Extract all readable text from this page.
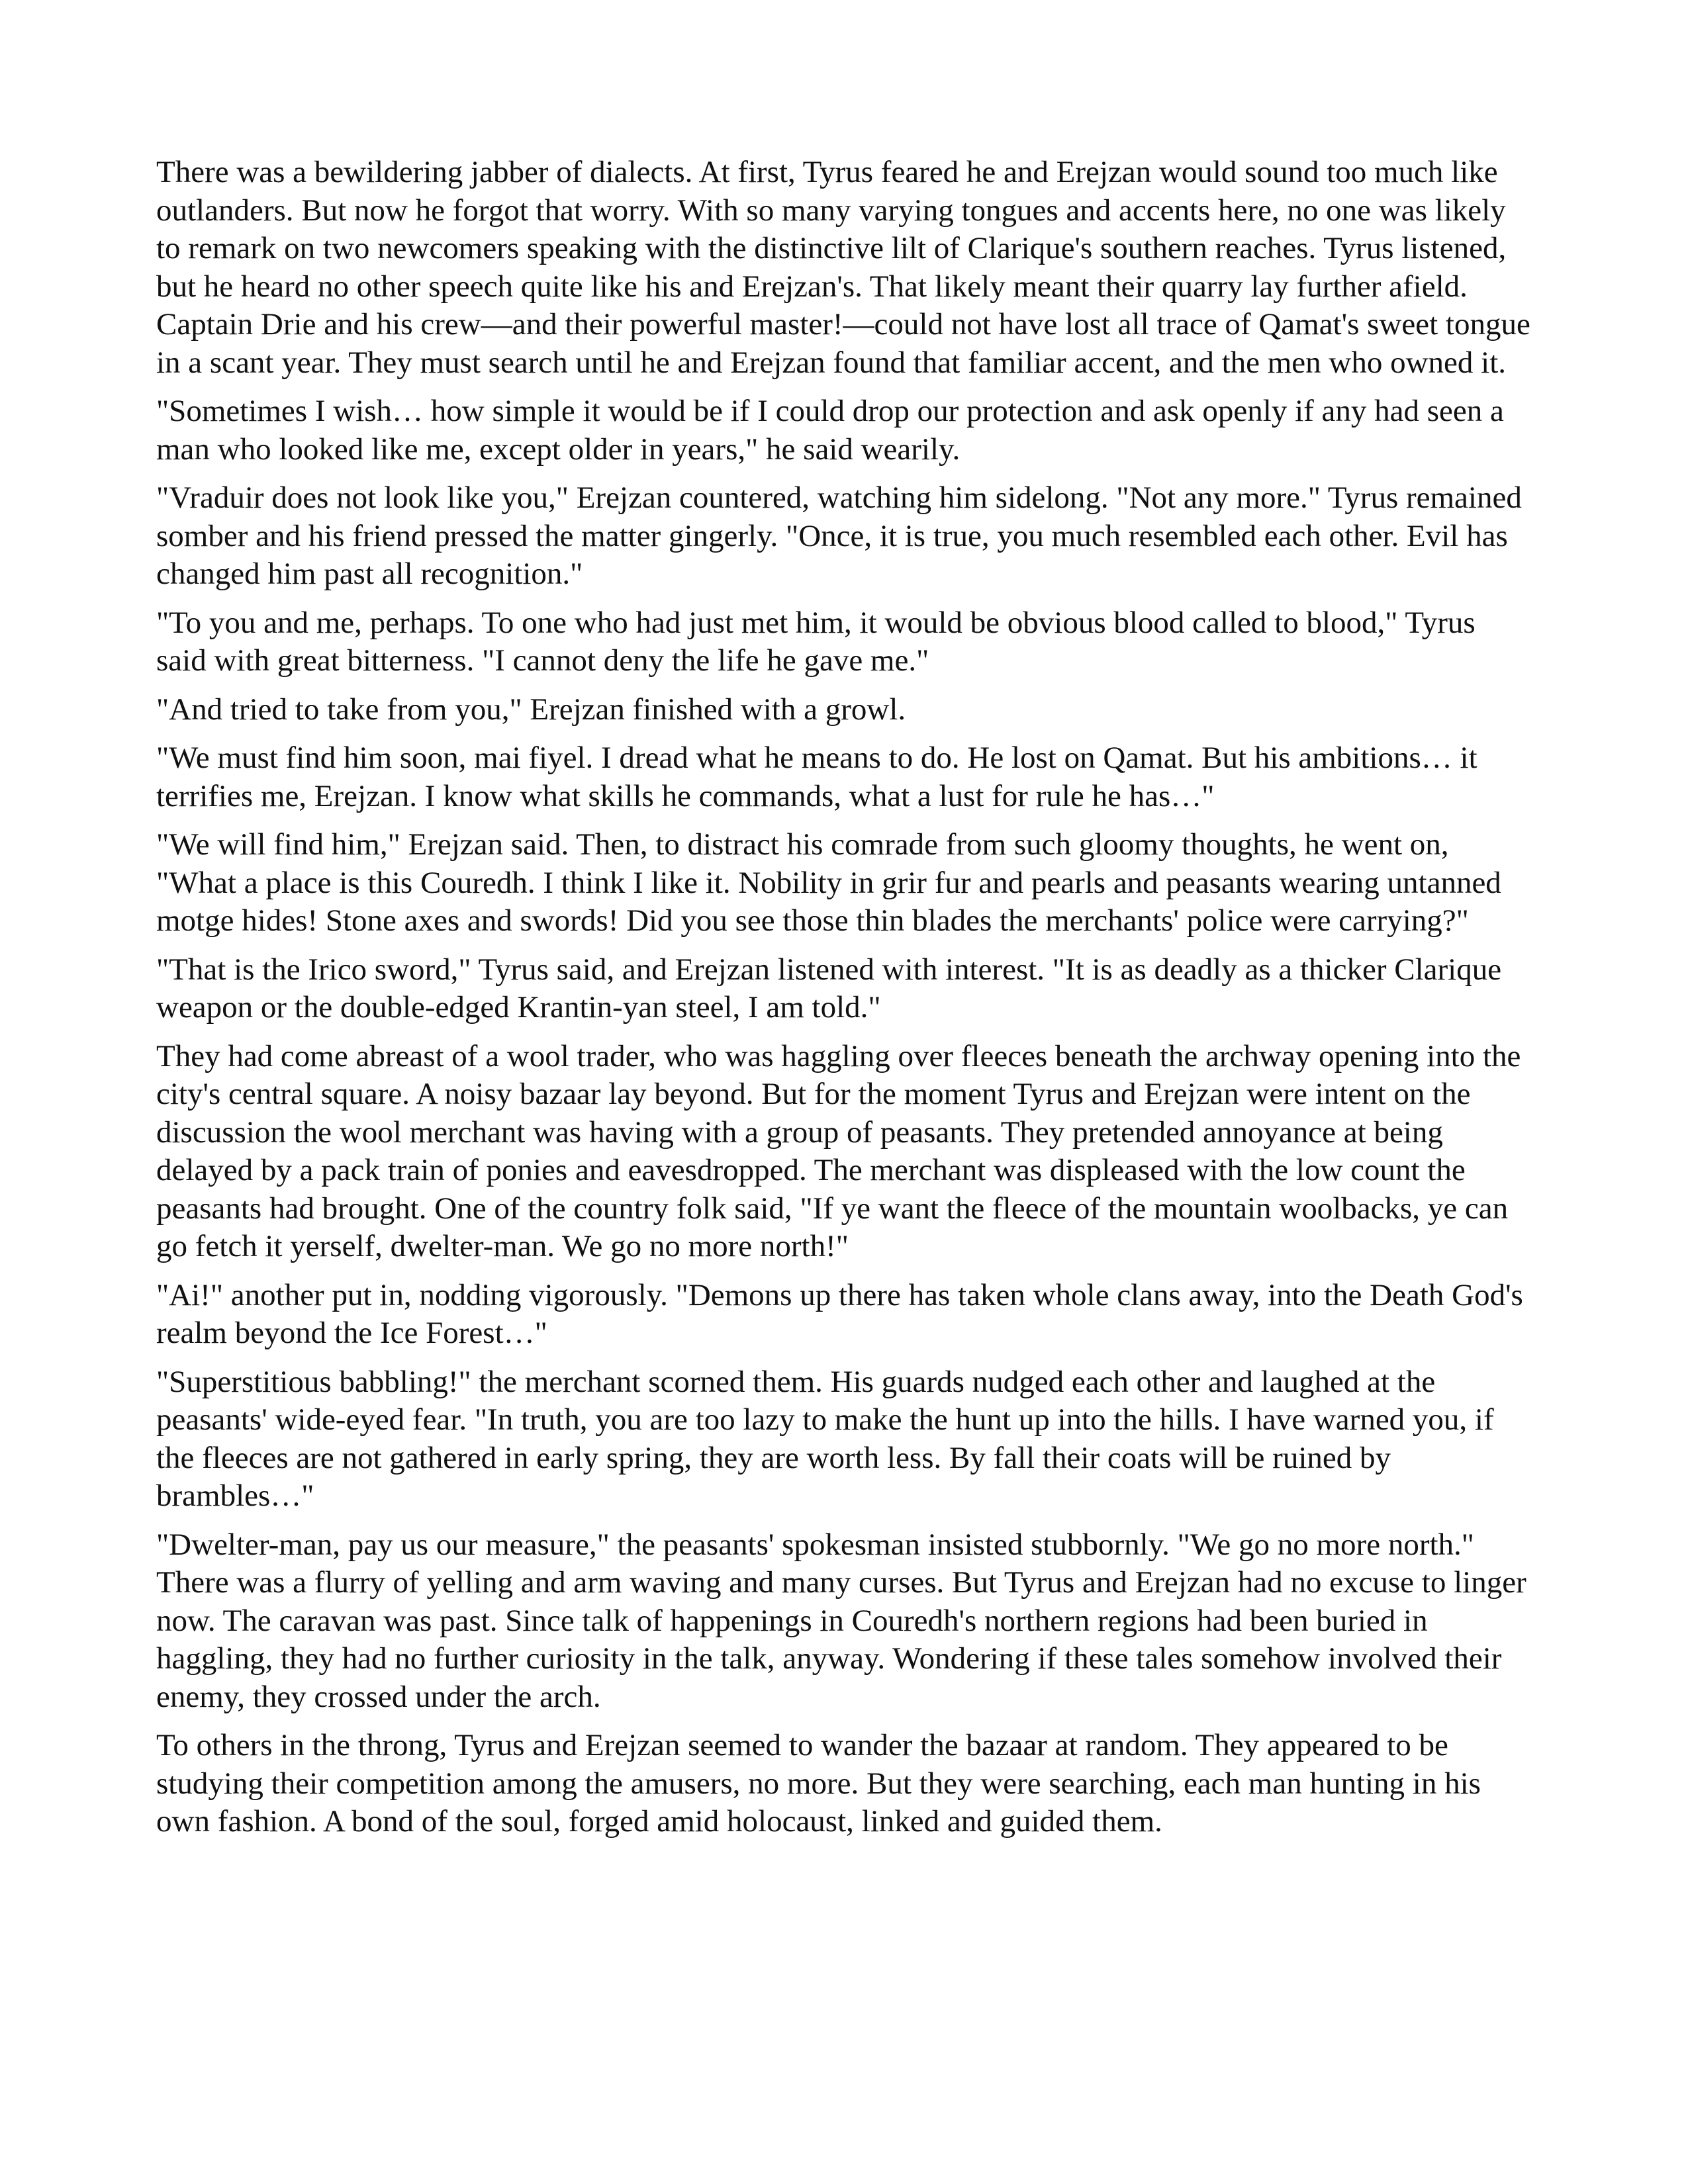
There was a bewildering jabber of dialects. At first, Tyrus feared he and Erejzan would sound too much like outlanders. But now he forgot that worry. With so many varying tongues and accents here, no one was likely to remark on two newcomers speaking with the distinctive lilt of Clarique's southern reaches. Tyrus listened, but he heard no other speech quite like his and Erejzan's. That likely meant their quarry lay further afield. Captain Drie and his crew—and their powerful master!—could not have lost all trace of Qamat's sweet tongue in a scant year. They must search until he and Erejzan found that familiar accent, and the men who owned it.

"Sometimes I wish… how simple it would be if I could drop our protection and ask openly if any had seen a man who looked like me, except older in years," he said wearily.

"Vraduir does not look like you," Erejzan countered, watching him sidelong. "Not any more." Tyrus remained somber and his friend pressed the matter gingerly. "Once, it is true, you much resembled each other. Evil has changed him past all recognition."

"To you and me, perhaps. To one who had just met him, it would be obvious blood called to blood," Tyrus said with great bitterness. "I cannot deny the life he gave me."

"And tried to take from you," Erejzan finished with a growl.

"We must find him soon, mai fiyel. I dread what he means to do. He lost on Qamat. But his ambitions… it terrifies me, Erejzan. I know what skills he commands, what a lust for rule he has…"

"We will find him," Erejzan said. Then, to distract his comrade from such gloomy thoughts, he went on, "What a place is this Couredh. I think I like it. Nobility in grir fur and pearls and peasants wearing untanned motge hides! Stone axes and swords! Did you see those thin blades the merchants' police were carrying?"

"That is the Irico sword," Tyrus said, and Erejzan listened with interest. "It is as deadly as a thicker Clarique weapon or the double-edged Krantin-yan steel, I am told."

They had come abreast of a wool trader, who was haggling over fleeces beneath the archway opening into the city's central square. A noisy bazaar lay beyond. But for the moment Tyrus and Erejzan were intent on the discussion the wool merchant was having with a group of peasants. They pretended annoyance at being delayed by a pack train of ponies and eavesdropped. The merchant was displeased with the low count the peasants had brought. One of the country folk said, "If ye want the fleece of the mountain woolbacks, ye can go fetch it yerself, dwelter-man. We go no more north!"

"Ai!" another put in, nodding vigorously. "Demons up there has taken whole clans away, into the Death God's realm beyond the Ice Forest…"

"Superstitious babbling!" the merchant scorned them. His guards nudged each other and laughed at the peasants' wide-eyed fear. "In truth, you are too lazy to make the hunt up into the hills. I have warned you, if the fleeces are not gathered in early spring, they are worth less. By fall their coats will be ruined by brambles…"

"Dwelter-man, pay us our measure," the peasants' spokesman insisted stubbornly. "We go no more north." There was a flurry of yelling and arm waving and many curses. But Tyrus and Erejzan had no excuse to linger now. The caravan was past. Since talk of happenings in Couredh's northern regions had been buried in haggling, they had no further curiosity in the talk, anyway. Wondering if these tales somehow involved their enemy, they crossed under the arch.

To others in the throng, Tyrus and Erejzan seemed to wander the bazaar at random. They appeared to be studying their competition among the amusers, no more. But they were searching, each man hunting in his own fashion. A bond of the soul, forged amid holocaust, linked and guided them.
